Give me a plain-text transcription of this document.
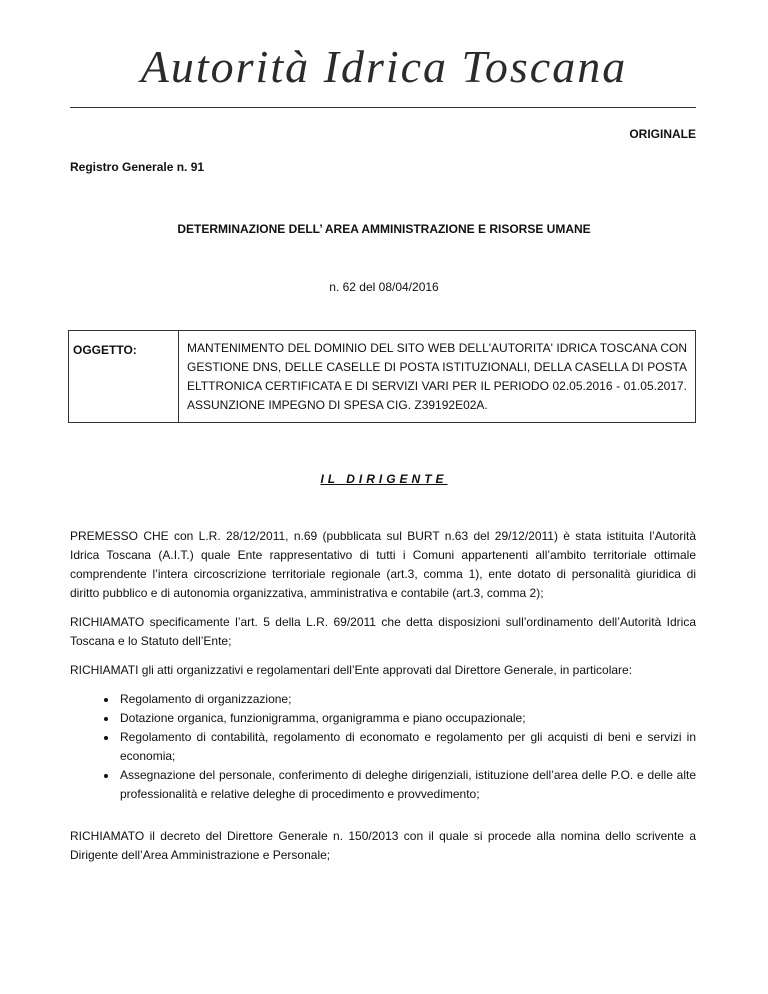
Autorità Idrica Toscana
ORIGINALE
Registro Generale n. 91
DETERMINAZIONE DELL’ AREA AMMINISTRAZIONE E RISORSE UMANE
n. 62 del 08/04/2016
OGGETTO:	MANTENIMENTO DEL DOMINIO DEL SITO WEB DELL'AUTORITA' IDRICA TOSCANA CON GESTIONE DNS, DELLE CASELLE DI POSTA ISTITUZIONALI, DELLA CASELLA DI POSTA ELTTRONICA CERTIFICATA E DI SERVIZI VARI PER IL PERIODO 02.05.2016 - 01.05.2017. ASSUNZIONE IMPEGNO DI SPESA CIG. Z39192E02A.
IL DIRIGENTE

PREMESSO CHE con L.R. 28/12/2011, n.69 (pubblicata sul BURT n.63 del 29/12/2011) è stata istituita l’Autorità Idrica Toscana (A.I.T.) quale Ente rappresentativo di tutti i Comuni appartenenti all’ambito territoriale ottimale comprendente l’intera circoscrizione territoriale regionale (art.3, comma 1), ente dotato di personalità giuridica di diritto pubblico e di autonomia organizzativa, amministrativa e contabile (art.3, comma 2);

RICHIAMATO specificamente l’art. 5 della L.R. 69/2011 che detta disposizioni sull’ordinamento dell’Autorità Idrica Toscana e lo Statuto dell’Ente;

RICHIAMATI gli atti organizzativi e regolamentari dell’Ente approvati dal Direttore Generale, in particolare:

• Regolamento di organizzazione;
• Dotazione organica, funzionigramma, organigramma e piano occupazionale;
• Regolamento di contabilità, regolamento di economato e regolamento per gli acquisti di beni e servizi in economia;
• Assegnazione del personale, conferimento di deleghe dirigenziali, istituzione dell’area delle P.O. e delle alte professionalità e relative deleghe di procedimento e provvedimento;

RICHIAMATO il decreto del Direttore Generale n. 150/2013 con il quale si procede alla nomina dello scrivente a Dirigente dell’Area Amministrazione e Personale;
